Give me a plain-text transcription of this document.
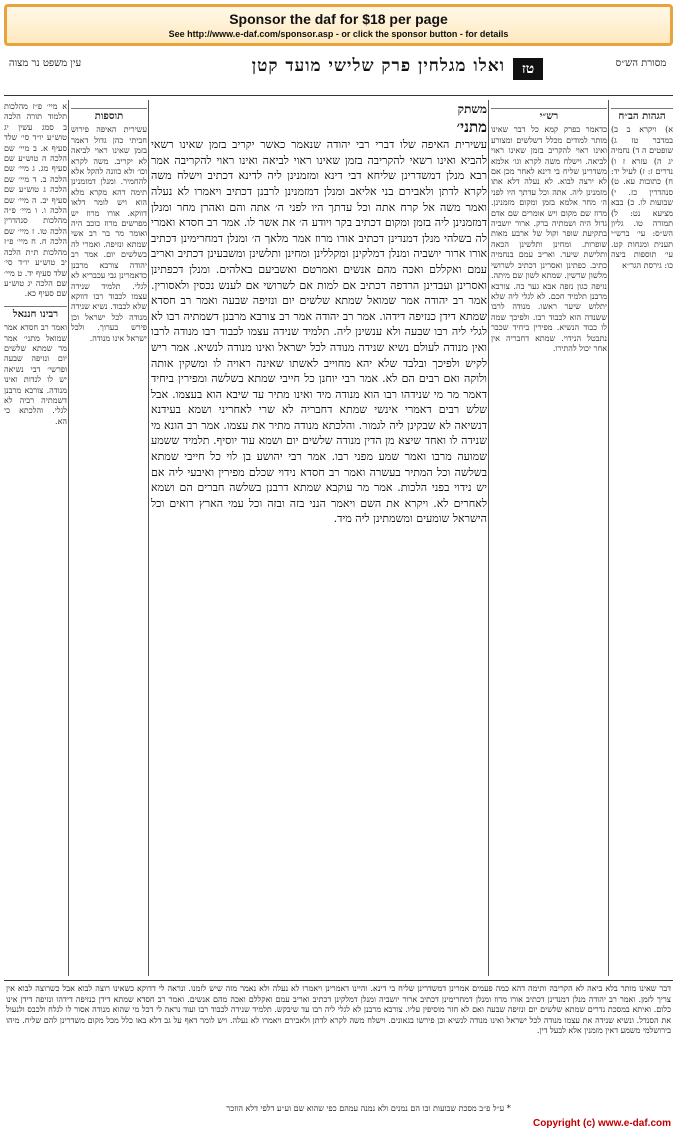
Sponsor the daf for $18 per page
See http://www.e-daf.com/sponsor.asp - or click the sponsor button - for details
מסורת הש״ס
טז
ואלו מגלחין פרק שלישי מועד קטן
עין משפט נר מצוה
הגהות הב״ח

א) ויקרא ב ב) במדבר טז ג) שופטים ה ד) נחמיה יג ה) עזרא ז ו) נדרים ז: ז) לעיל יד: ח) כתובות עא. ט) סנהדרין כז. י) שבועות לו. כ) בבא מציעא נט: ל) תמורה טו. גליון הש״ס: עי׳ ברש״י תענית ומנחות קט. עי׳ תוספות ביצה כו: גירסת הגר״א

רש״י

כדאמר בפרק קמא כל דבר שאינו מותר למודים מכלל דשלשים ומצורע ואינו ראוי להקריב בזמן שאינו ראוי לביאה. וישלח משה לקרא וגו׳ אלמא משדרינן שליח בי דינא לאחר מכן אם לא ירצה לבוא. לא נעלה דלא אתו מזמנינן ליה. אתה וכל עדתך היו לפני ה׳ מחר אלמא בזמן ומקום מזמנינן. מרוז שם מקום ויש אומרים שם אדם גדול היה ושמתיה ברק. ארור יושביה בתקיעת שופר וקול של ארבע מאות שופרות. ומחינן ותלשינן הכאה ותלישת שיער. ואריב עמם בנחמיה כתיב. כפתינן ואסרינן דכתיב לשרושי מלשון שרשין. שמתא לשון שם מיתה. נזיפה כגון נזפה אבא גער בה. צורבא מרבנן תלמיד חכם. לא לגלי ליה שלא יתלוש שיער ראשו. מנודה לרבו ששנדה הוא לכבוד רבו. ולפיכך שמה לו כבוד הנשיא. מפירין ביחיד שכבר נתבטל הנידוי. שמתא דחבריה אין אחר יכול להתירו.

משתק
מתני׳

עשירית האיפה שלו דברי רבי יהודה שנאמר כאשר יקריב בזמן שאינו רשאי להביא ואינו רשאי להקריבה בזמן שאינו ראוי לביאה ואינו ראוי להקריבה אמר רבא מנלן דמשדרינן שליחא דבי דינא ומזמנינן ליה לדינא דכתיב וישלח משה לקרא לדתן ולאבירם בני אליאב ומנלן דמזמנינן לרבנן דכתיב ויאמרו לא נעלה ואמר משה אל קרח אתה וכל עדתך היו לפני ה׳ אתה והם ואהרן מחר ומנלן דמזמנינן ליה בזמן ומקום דכתיב בקר ויודע ה׳ את אשר לו. אמר רב חסדא ואמרי לה בשלהי מנלן דמנדינן דכתיב אורו מרוז אמר מלאך ה׳ ומנלן דמחרימינן דכתיב אורו ארור יושביה ומנלן דמלקינן ומקללינן ומחינן ותלשינן ומשבעינן דכתיב ואריב עמם ואקללם ואכה מהם אנשים ואמרטם ואשביעם באלהים. ומנלן דכפתינן ואסרינן ועבדינן הרדפה דכתיב אם למות אם לשרושי אם לענש נכסין ולאסורין. אמר רב יהודה אמר שמואל שמתא שלשים יום ונזיפה שבעה ואמר רב חסדא שמתא דידן כנזיפה דידהו. אמר רב יהודה אמר רב צורבא מרבנן דשמתיה רבו לא לגלי ליה רבו שבעה ולא ענשינן ליה. תלמיד שנידה עצמו לכבוד רבו מנודה לרבו ואין מנודה לעולם נשיא שנידה מנודה לכל ישראל ואינו מנודה לנשיא. אמר ריש לקיש ולפיכך ובלבד שלא יהא מחוייב לאשתו שאינה ראויה לו ומשקין אותה ולוקה ואם רבים הם לא. אמר רבי יוחנן כל חייבי שמתא בשלשה ומפירין ביחיד דאמר מר מי שנידהו רבו הוא מנודה מיד ואינו מתיר עד שיבא הוא בעצמו. אבל שלש רבים דאמרי אינשי שמתא דחבריה לא שרי לאחריני ושמא בעידנא דנשיאה לא שבקינן ליה לגמור. והלכתא מנודה מתיר את עצמו. אמר רב הונא מי שנידה לו ואחד שיצא מן הדין מנודה שלשים יום ושמא עוד יוסיף. תלמיד ששמע שמועה מרבו ואמר שמע מפני רבו. אמר רבי יהושע בן לוי כל חייבי שמתא בשלשה וכל המתיר בעשרה ואמר רב חסדא נידוי שכלם מפירין ואיבעי ליה אם יש נידוי בפני הלכות. אמר מר עוקבא שמתא דרבנן בשלשה חברים הם ושמא לאחרים לא. ויקרא את השם ויאמר הנני בזה ובזה וכל עמי הארץ רואים וכל הישראל שומעים ומשמתינן ליה מיד.

תוספות

עשירית האיפה פירוש חביתי כהן גדול דאמר בזמן שאינו ראוי לביאה לא יקריב. משה לקרא וכו׳ ולא כוונה להקל אלא להחמיר. ומנלן דמזמנינן תימה דהא מקרא מלא הוא ויש לומר דלאו דווקא. אורו מרוז יש מפרשים מרוז כוכב היה ואומר מר בר רב אשי שמתא ונזיפה. ואמרי לה בשלשים יום. אמר רב יהודה צורבא מרבנן כדאמרינן גבי עכבריא לא לגלי. תלמיד שנידה עצמו לכבוד רבו דווקא שלא לכבוד. נשיא שנידה מנודה לכל ישראל וכן פירש בערוך. ולכל ישראל אינו מנודה.

א מיי׳ פ״ז מהלכות תלמוד תורה הלכה ב סמג עשין יג טוש״ע יו״ד סי׳ שלד סעיף א. ב מיי׳ שם הלכה ה טוש״ע שם סעיף מג. ג מיי׳ שם הלכה ב. ד מיי׳ שם הלכה ג טוש״ע שם סעיף יב. ה מיי׳ שם הלכה ו. ו מיי׳ פ״ה מהלכות סנהדרין הלכה טו. ז מיי׳ שם הלכה ח. ח מיי׳ פ״ז מהלכות ת״ת הלכה יב טוש״ע יו״ד סי׳ שלד סעיף יד. ט מיי׳ שם הלכה יג טוש״ע שם סעיף כא.

רבינו חננאל

ואמר רב חסדא אמר שמואל מתני׳ אמר מר שמתא שלשים יום ונזיפה שבעה ופרשי׳ דבי נשיאה יש לו לנדות ואינו מנודה. צורבא מרבנן דשמתיה רביה לא לגלי. והלכתא כי הא.

דבר שאינו מותר בלא ביאה לא הקריבה ותימה דהא כמה פעמים אמרינן דמשדרינן שליח בי דינא. והיינו דאמרינן ויאמרו לא נעלה ולא נאמר מזה שיש לזמנו. ונראה לי דדוקא כשאינו רוצה לבוא אבל כשרוצה לבוא אין צריך לזמן. ואמר רב יהודה מנלן דמנדינן דכתיב אורו מרוז ומנלן דמחרימינן דכתיב ארור יושביה ומנלן דמלקינן דכתיב ואריב עמם ואקללם ואכה מהם אנשים. ואמר רב חסדא שמתא דידן כנזיפה דידהו ונזיפה דידן אינו כלום. ואיתא במסכת נדרים שמתא שלשים יום ונזיפה שבעה ואם לא חזר מוסיפין עליו. צורבא מרבנן לא לגלי ליה רבו עד שיבקש. תלמיד שנידה לכבוד רבו ועוד נראה לי דכל מי שהוא מנודה אסור לו לגלח ולכבס ולנעול את הסנדל. ונשיא שנידה את עצמו מנודה לכל ישראל ואינו מנודה לנשיא וכן פירשו בגאונים. וישלח משה לקרא לדתן ולאבירם ויאמרו לא נעלה. ויש לומר דאף על גב דלא באו כלל מכל מקום משדרינן להם שליח. מיהו בירושלמי משמע דאין מזמנין אלא לבעל דין.

* ע״ל פ״ב מסכת שבועות ובו הם נמנים ולא נמנה עמהם כפי שהוא שם וע״ע דלפי דלא הוזכר
Copyright (c) www.e-daf.com
